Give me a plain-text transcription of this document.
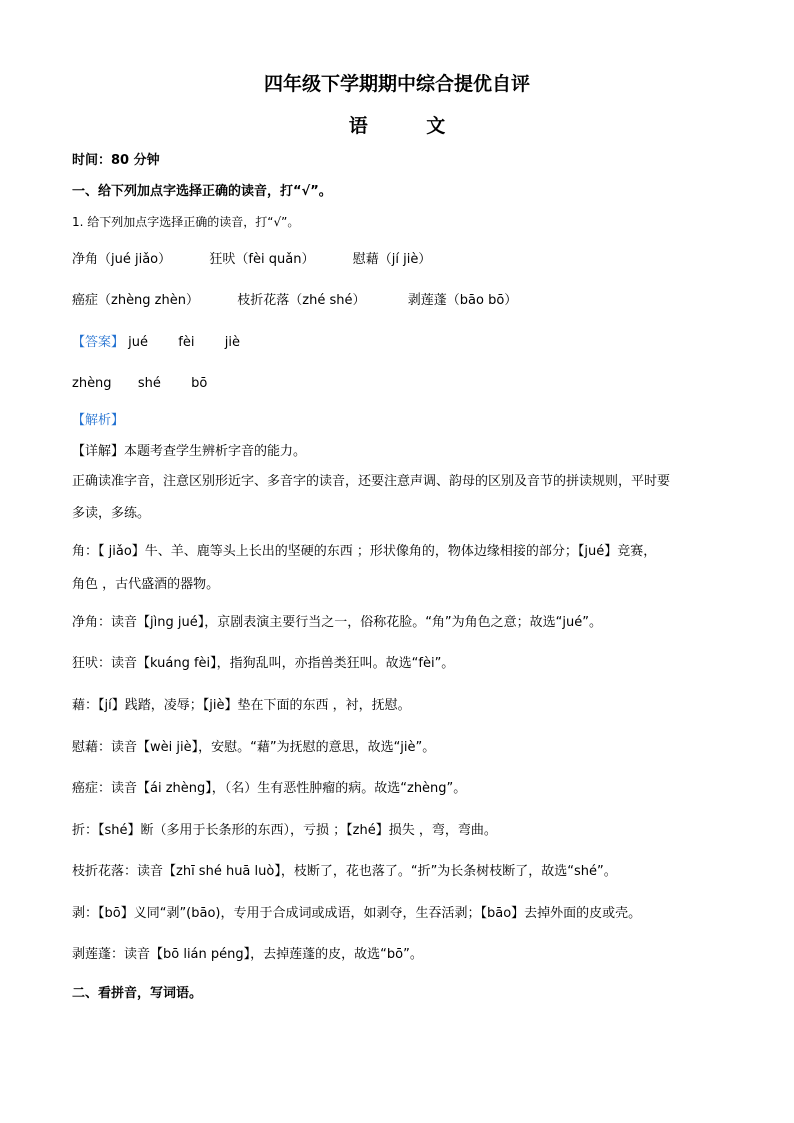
四年级下学期期中综合提优自评
语 文
时间：80 分钟
一、给下列加点字选择正确的读音，打“√”。
1. 给下列加点字选择正确的读音，打“√”。
净角（jué jiǎo）	狂吠（fèi quǎn）	慰藉（jí jiè）
癌症（zhèng zhèn）	枝折花落（zhé shé）	剥莲蓬（bāo bō）
【答案】 jué fèi jiè
zhèng shé bō
【解析】
【详解】本题考查学生辨析字音的能力。
正确读准字音，注意区别形近字、多音字的读音，还要注意声调、韵母的区别及音节的拼读规则，平时要
多读，多练。
角：【 jiǎo】牛、羊、鹿等头上长出的坚硬的东西 ；形状像角的，物体边缘相接的部分；【jué】竞赛，
角色 ，古代盛酒的器物。
净角：读音【jìng jué】，京剧表演主要行当之一，俗称花脸。“角”为角色之意；故选“jué”。
狂吠：读音【kuáng fèi】，指狗乱叫，亦指兽类狂叫。故选“fèi”。
藉：【jí】践踏，凌辱；【jiè】垫在下面的东西 ，衬，抚慰。
慰藉：读音【wèi jiè】，安慰。“藉”为抚慰的意思，故选“jiè”。
癌症：读音【ái zhèng】，（名）生有恶性肿瘤的病。故选“zhèng”。
折：【shé】断（多用于长条形的东西），亏损 ；【zhé】损失 ，弯，弯曲。
枝折花落：读音【zhī shé huā luò】，枝断了，花也落了。“折”为长条树枝断了，故选“shé”。
剥：【bō】义同“剥”(bāo)，专用于合成词或成语，如剥夺，生吞活剥；【bāo】去掉外面的皮或壳。
剥莲蓬：读音【bō lián péng】，去掉莲蓬的皮，故选“bō”。
二、看拼音，写词语。
